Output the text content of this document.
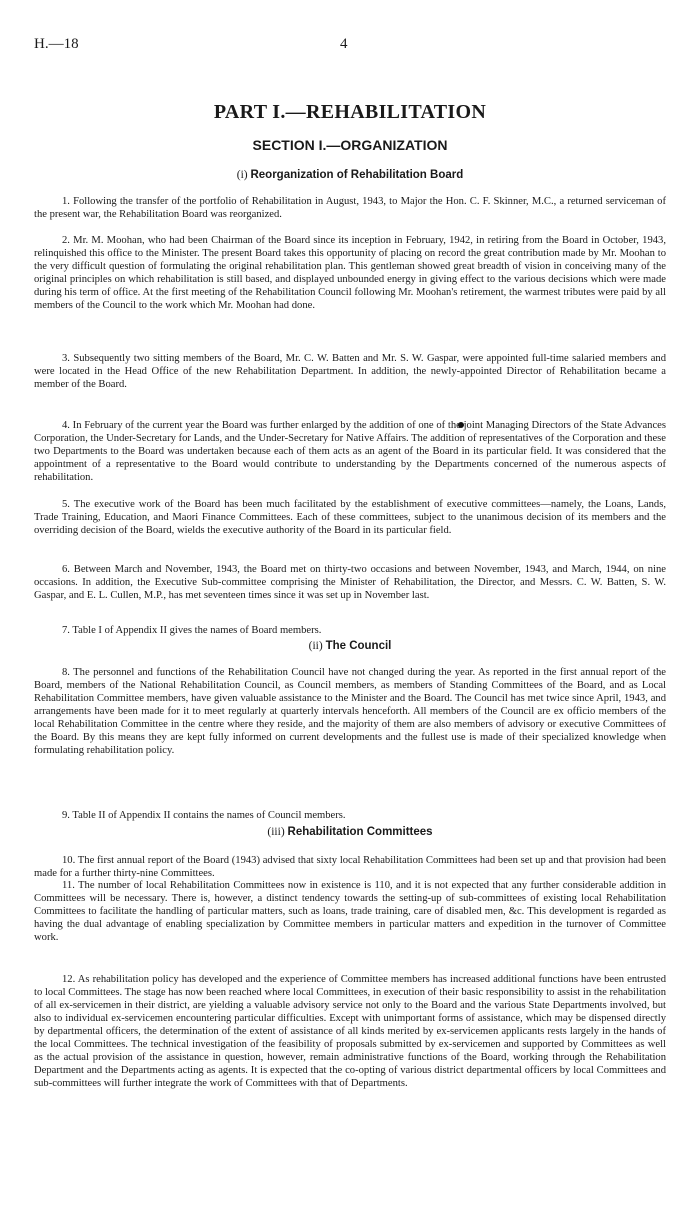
H.—18	4
PART I.—REHABILITATION
SECTION I.—ORGANIZATION
(i) Reorganization of Rehabilitation Board

1. Following the transfer of the portfolio of Rehabilitation in August, 1943, to Major the Hon. C. F. Skinner, M.C., a returned serviceman of the present war, the Rehabilitation Board was reorganized.

2. Mr. M. Moohan, who had been Chairman of the Board since its inception in February, 1942, in retiring from the Board in October, 1943, relinquished this office to the Minister. The present Board takes this opportunity of placing on record the great contribution made by Mr. Moohan to the very difficult question of formulating the original rehabilitation plan. This gentleman showed great breadth of vision in conceiving many of the original principles on which rehabilitation is still based, and displayed unbounded energy in giving effect to the various decisions which were made during his term of office. At the first meeting of the Rehabilitation Council following Mr. Moohan's retirement, the warmest tributes were paid by all members of the Council to the work which Mr. Moohan had done.

3. Subsequently two sitting members of the Board, Mr. C. W. Batten and Mr. S. W. Gaspar, were appointed full-time salaried members and were located in the Head Office of the new Rehabilitation Department. In addition, the newly-appointed Director of Rehabilitation became a member of the Board.

4. In February of the current year the Board was further enlarged by the addition of one of the joint Managing Directors of the State Advances Corporation, the Under-Secretary for Lands, and the Under-Secretary for Native Affairs. The addition of representatives of the Corporation and these two Departments to the Board was undertaken because each of them acts as an agent of the Board in its particular field. It was considered that the appointment of a representative to the Board would contribute to understanding by the Departments concerned of the numerous aspects of rehabilitation.

5. The executive work of the Board has been much facilitated by the establishment of executive committees—namely, the Loans, Lands, Trade Training, Education, and Maori Finance Committees. Each of these committees, subject to the unanimous decision of its members and the overriding decision of the Board, wields the executive authority of the Board in its particular field.

6. Between March and November, 1943, the Board met on thirty-two occasions and between November, 1943, and March, 1944, on nine occasions. In addition, the Executive Sub-committee comprising the Minister of Rehabilitation, the Director, and Messrs. C. W. Batten, S. W. Gaspar, and E. L. Cullen, M.P., has met seventeen times since it was set up in November last.

7. Table I of Appendix II gives the names of Board members.

(ii) The Council

8. The personnel and functions of the Rehabilitation Council have not changed during the year. As reported in the first annual report of the Board, members of the National Rehabilitation Council, as Council members, as members of Standing Committees of the Board, and as Local Rehabilitation Committee members, have given valuable assistance to the Minister and the Board. The Council has met twice since April, 1943, and arrangements have been made for it to meet regularly at quarterly intervals henceforth. All members of the Council are ex officio members of the local Rehabilitation Committee in the centre where they reside, and the majority of them are also members of advisory or executive Committees of the Board. By this means they are kept fully informed on current developments and the fullest use is made of their specialized knowledge when formulating rehabilitation policy.

9. Table II of Appendix II contains the names of Council members.

(iii) Rehabilitation Committees

10. The first annual report of the Board (1943) advised that sixty local Rehabilitation Committees had been set up and that provision had been made for a further thirty-nine Committees.

11. The number of local Rehabilitation Committees now in existence is 110, and it is not expected that any further considerable addition in Committees will be necessary. There is, however, a distinct tendency towards the setting-up of sub-committees of existing local Rehabilitation Committees to facilitate the handling of particular matters, such as loans, trade training, care of disabled men, &c. This development is regarded as having the dual advantage of enabling specialization by Committee members in particular matters and expedition in the turnover of Committee work.

12. As rehabilitation policy has developed and the experience of Committee members has increased additional functions have been entrusted to local Committees. The stage has now been reached where local Committees, in execution of their basic responsibility to assist in the rehabilitation of all ex-servicemen in their district, are yielding a valuable advisory service not only to the Board and the various State Departments involved, but also to individual ex-servicemen encountering particular difficulties. Except with unimportant forms of assistance, which may be dispensed directly by departmental officers, the determination of the extent of assistance of all kinds merited by ex-servicemen applicants rests largely in the hands of the local Committees. The technical investigation of the feasibility of proposals submitted by ex-servicemen and supported by Committees as well as the actual provision of the assistance in question, however, remain administrative functions of the Board, working through the Rehabilitation Department and the Departments acting as agents. It is expected that the co-opting of various district departmental officers by local Committees and sub-committees will further integrate the work of Committees with that of Departments.
